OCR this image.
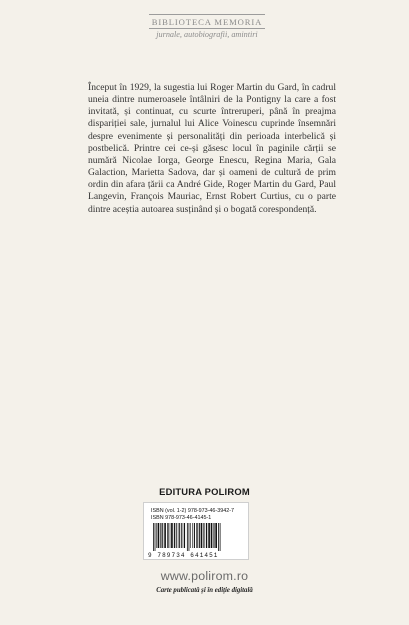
BIBLIOTECA MEMORIA
jurnale, autobiografii, amintiri
Început în 1929, la sugestia lui Roger Martin du Gard, în cadrul uneia dintre numeroasele întâlniri de la Pontigny la care a fost invitată, și continuat, cu scurte întreruperi, până în preajma dispariției sale, jurnalul lui Alice Voinescu cuprinde însemnări despre evenimente și personalități din perioada interbelică și postbelică. Printre cei ce-și găsesc locul în paginile cărții se numără Nicolae Iorga, George Enescu, Regina Maria, Gala Galaction, Marietta Sadova, dar și oameni de cultură de prim ordin din afara țării ca André Gide, Roger Martin du Gard, Paul Langevin, François Mauriac, Ernst Robert Curtius, cu o parte dintre aceștia autoarea susținând și o bogată corespondență.
EDITURA POLIROM
ISBN (vol. 1-2) 978-973-46-3942-7
ISBN 978-973-46-4145-1
9 789734 641451
www.polirom.ro
Carte publicată și în ediție digitală
